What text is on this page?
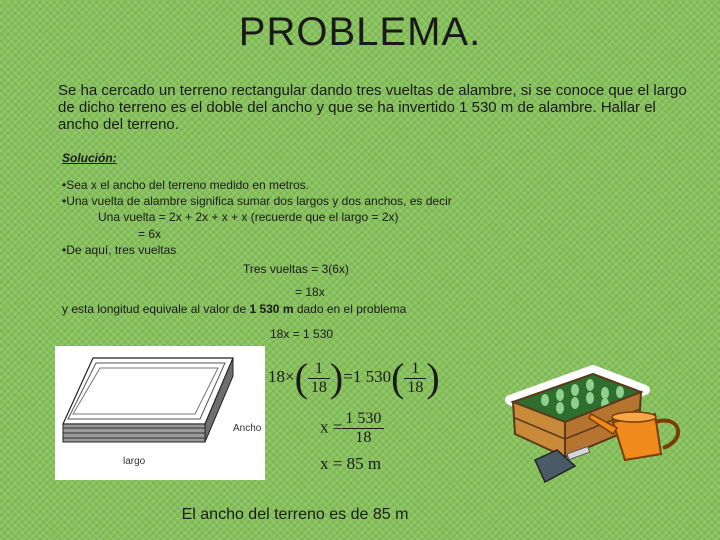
PROBLEMA.
Se ha cercado un terreno rectangular dando tres vueltas de alambre, si se conoce que el largo de dicho terreno es el doble del ancho y que se ha invertido 1 530 m de alambre. Hallar el ancho del terreno.
Solución:
•Sea x el ancho del terreno medido en metros.
•Una vuelta de alambre significa sumar dos largos y dos anchos, es decir
Una vuelta = 2x + 2x + x + x (recuerde que el largo = 2x)
= 6x
•De aquí, tres vueltas
Tres vueltas = 3(6x)
= 18x
y esta longitud equivale al valor de 1 530 m dado en el problema
18x = 1 530
Ancho
largo
$18\times( \frac{1}{18} )=1$ $530( \frac{1}{18}$ )
$x = \frac{1 530}{18}$
x = 85 m
El ancho del terreno es de 85 m
